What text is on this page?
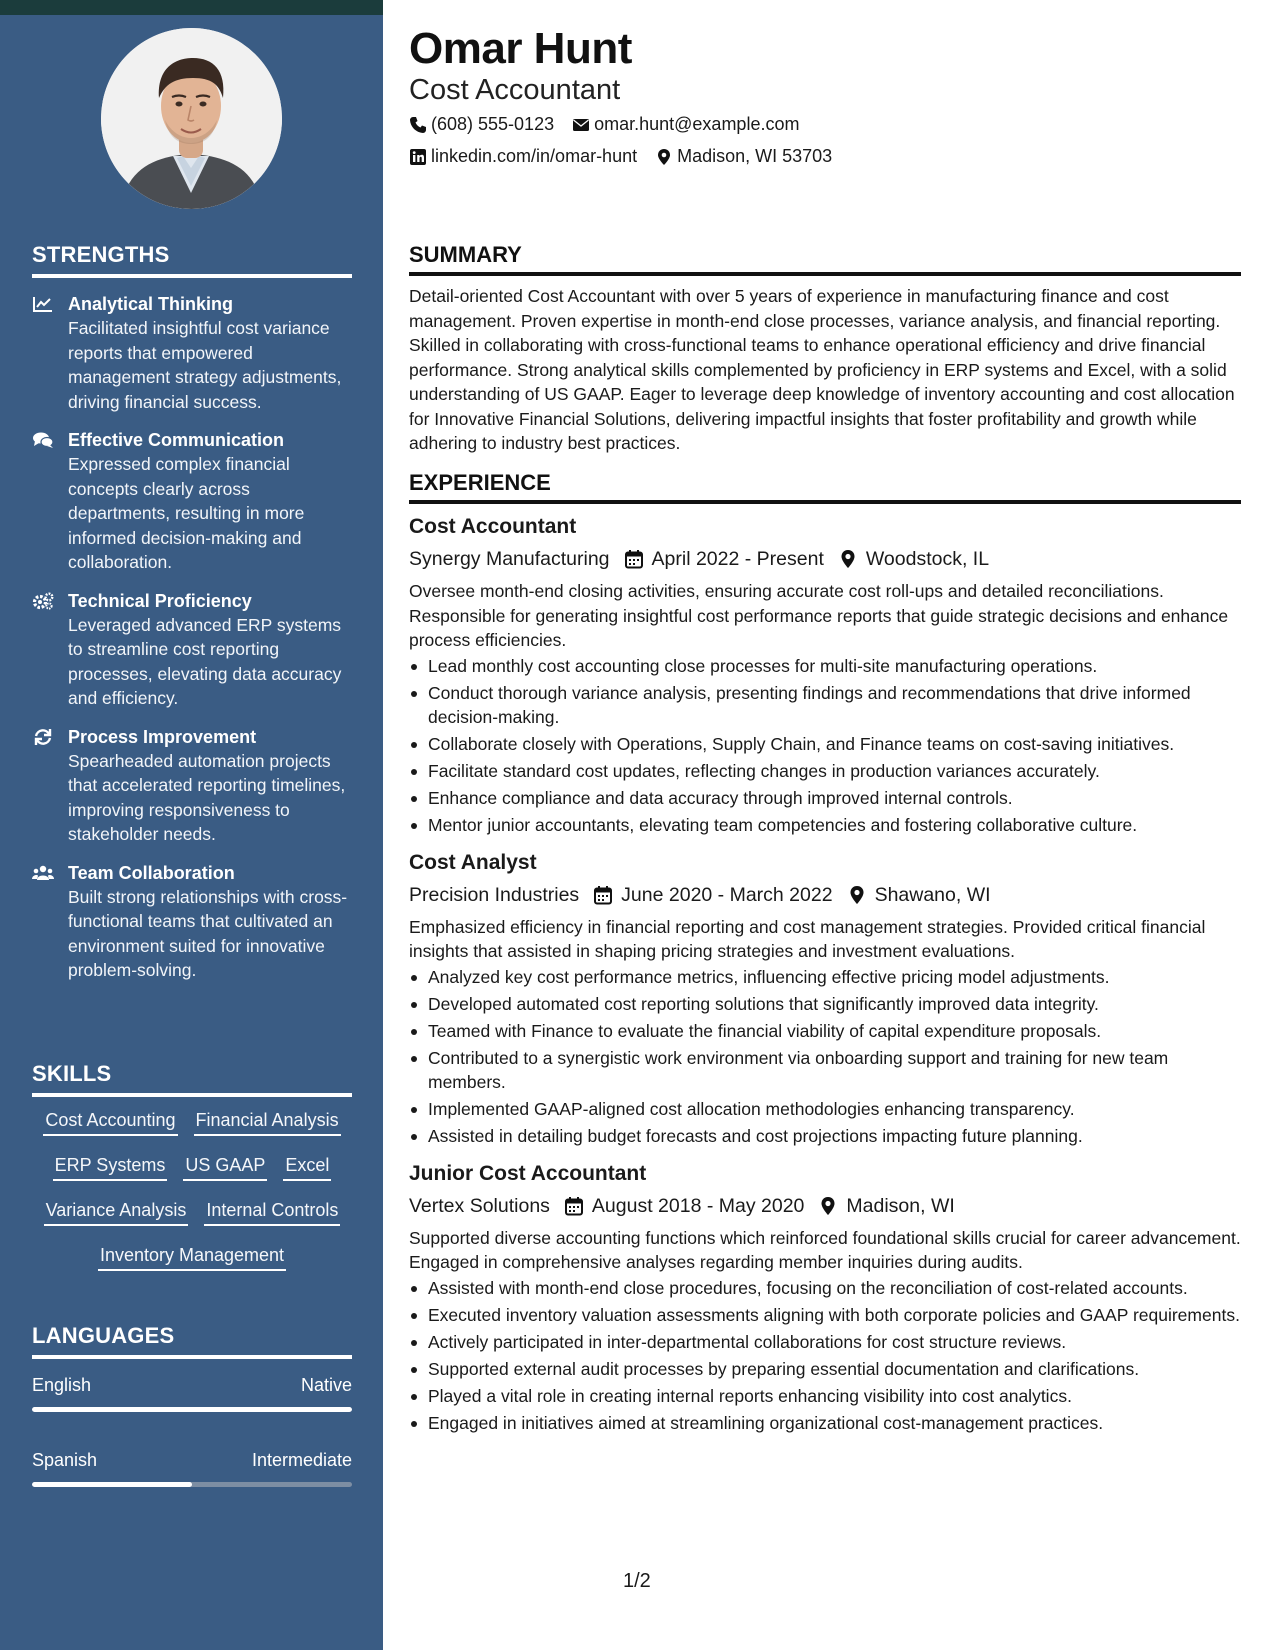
STRENGTHS
Analytical Thinking
Facilitated insightful cost variance reports that empowered management strategy adjustments, driving financial success.
Effective Communication
Expressed complex financial concepts clearly across departments, resulting in more informed decision-making and collaboration.
Technical Proficiency
Leveraged advanced ERP systems to streamline cost reporting processes, elevating data accuracy and efficiency.
Process Improvement
Spearheaded automation projects that accelerated reporting timelines, improving responsiveness to stakeholder needs.
Team Collaboration
Built strong relationships with cross-functional teams that cultivated an environment suited for innovative problem-solving.
SKILLS
Cost Accounting Financial Analysis
ERP Systems US GAAP Excel
Variance Analysis Internal Controls
Inventory Management
LANGUAGES
English	Native
Spanish	Intermediate
Omar Hunt
Cost Accountant
(608) 555-0123 omar.hunt@example.com
linkedin.com/in/omar-hunt Madison, WI 53703
SUMMARY
Detail-oriented Cost Accountant with over 5 years of experience in manufacturing finance and cost management. Proven expertise in month-end close processes, variance analysis, and financial reporting. Skilled in collaborating with cross-functional teams to enhance operational efficiency and drive financial performance. Strong analytical skills complemented by proficiency in ERP systems and Excel, with a solid understanding of US GAAP. Eager to leverage deep knowledge of inventory accounting and cost allocation for Innovative Financial Solutions, delivering impactful insights that foster profitability and growth while adhering to industry best practices.
EXPERIENCE
Cost Accountant
Synergy Manufacturing April 2022 - Present Woodstock, IL
Oversee month-end closing activities, ensuring accurate cost roll-ups and detailed reconciliations. Responsible for generating insightful cost performance reports that guide strategic decisions and enhance process efficiencies.
Lead monthly cost accounting close processes for multi-site manufacturing operations.
Conduct thorough variance analysis, presenting findings and recommendations that drive informed decision-making.
Collaborate closely with Operations, Supply Chain, and Finance teams on cost-saving initiatives.
Facilitate standard cost updates, reflecting changes in production variances accurately.
Enhance compliance and data accuracy through improved internal controls.
Mentor junior accountants, elevating team competencies and fostering collaborative culture.
Cost Analyst
Precision Industries June 2020 - March 2022 Shawano, WI
Emphasized efficiency in financial reporting and cost management strategies. Provided critical financial insights that assisted in shaping pricing strategies and investment evaluations.
Analyzed key cost performance metrics, influencing effective pricing model adjustments.
Developed automated cost reporting solutions that significantly improved data integrity.
Teamed with Finance to evaluate the financial viability of capital expenditure proposals.
Contributed to a synergistic work environment via onboarding support and training for new team members.
Implemented GAAP-aligned cost allocation methodologies enhancing transparency.
Assisted in detailing budget forecasts and cost projections impacting future planning.
Junior Cost Accountant
Vertex Solutions August 2018 - May 2020 Madison, WI
Supported diverse accounting functions which reinforced foundational skills crucial for career advancement. Engaged in comprehensive analyses regarding member inquiries during audits.
Assisted with month-end close procedures, focusing on the reconciliation of cost-related accounts.
Executed inventory valuation assessments aligning with both corporate policies and GAAP requirements.
Actively participated in inter-departmental collaborations for cost structure reviews.
Supported external audit processes by preparing essential documentation and clarifications.
Played a vital role in creating internal reports enhancing visibility into cost analytics.
Engaged in initiatives aimed at streamlining organizational cost-management practices.
1/2
